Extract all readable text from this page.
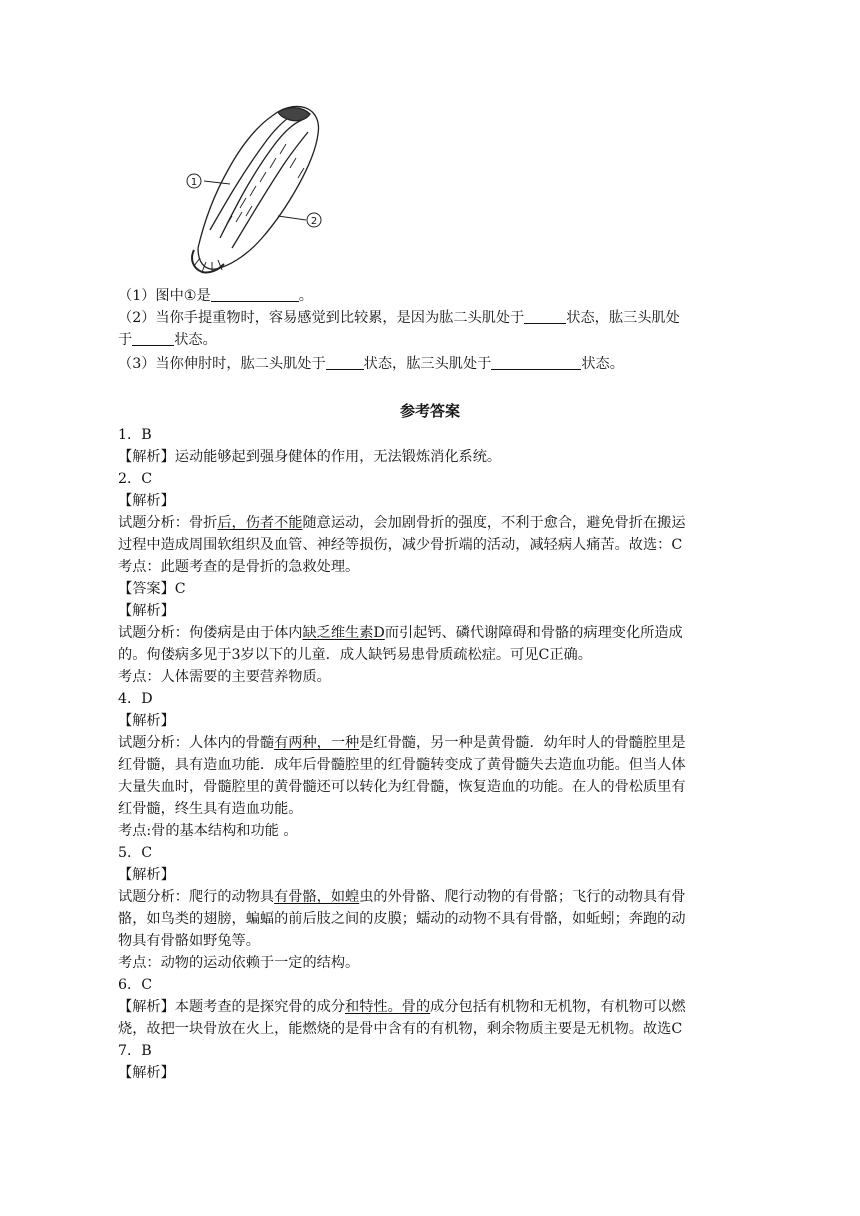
1
2
（1）图中①是	。
（2）当你手提重物时，容易感觉到比较累，是因为肱二头肌处于	状态，肱三头肌处
于	状态。
（3）当你伸肘时，肱二头肌处于	状态，肱三头肌处于	状态。
参考答案
1．B
【解析】运动能够起到强身健体的作用，无法锻炼消化系统。
2．C
【解析】
试题分析：骨折后，伤者不能随意运动，会加剧骨折的强度，不利于愈合，避免骨折在搬运
过程中造成周围软组织及血管、神经等损伤，减少骨折端的活动，减轻病人痛苦。故选：C
考点：此题考查的是骨折的急救处理。
【答案】C
【解析】
试题分析：佝偻病是由于体内缺乏维生素D而引起钙、磷代谢障碍和骨骼的病理变化所造成
的。佝偻病多见于3岁以下的儿童．成人缺钙易患骨质疏松症。可见C正确。
考点：人体需要的主要营养物质。
4．D
【解析】
试题分析：人体内的骨髓有两种，一种是红骨髓，另一种是黄骨髓．幼年时人的骨髓腔里是
红骨髓，具有造血功能．成年后骨髓腔里的红骨髓转变成了黄骨髓失去造血功能。但当人体
大量失血时，骨髓腔里的黄骨髓还可以转化为红骨髓，恢复造血的功能。在人的骨松质里有
红骨髓，终生具有造血功能。
考点:骨的基本结构和功能 。
5．C
【解析】
试题分析：爬行的动物具有骨骼，如蝗虫的外骨骼、爬行动物的有骨骼；飞行的动物具有骨
骼，如鸟类的翅膀，蝙蝠的前后肢之间的皮膜；蠕动的动物不具有骨骼，如蚯蚓；奔跑的动
物具有骨骼如野兔等。
考点：动物的运动依赖于一定的结构。
6．C
【解析】本题考查的是探究骨的成分和特性。骨的成分包括有机物和无机物，有机物可以燃
烧，故把一块骨放在火上，能燃烧的是骨中含有的有机物，剩余物质主要是无机物。故选C
7．B
【解析】
